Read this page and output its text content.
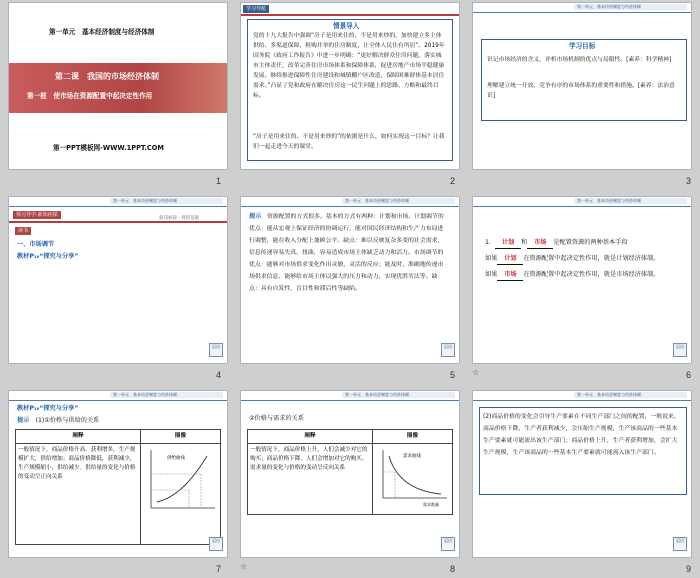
第一单元　基本经济制度与经济体制
第二课　我国的市场经济体制
第一框　使市场在资源配置中起决定性作用
第一PPT模板网-WWW.1PPT.COM
1
学习导航
情景导入
党的十九大报告中强调“房子是用来住的、不是用来炒的，加快建立多主体供给、多渠道保障、租购并举的住房制度，让全体人民住有所居”。2019年国务院《政府工作报告》中进一步明确：“更好解决群众住房问题。落实城市主体责任，改革完善住房市场体系和保障体系，促进房地产市场平稳健康发展。继续推进保障性住房建设和城镇棚户区改造，保障困难群体基本居住需求。”凸显了党和政府在解决住房这一民生问题上的思路、方略和最终目标。
“房子是用来住的、不是用来炒的”的依据是什么，如何实现这一目标？让我们一起走进今天的课堂。
2
第一单元　基本经济制度与经济体制
学习目标
识记市场经济的含义，评析市场机制的优点与局限性。[素养：科学精神]
理解建立统一开放、竞争有序的市场体系的重要性和措施。[素养：法治意识]
3
第一单元　基本经济制度与经济体制
预习导学·新知初探
新知初探 · 理清基础
读书
一、市场调节
教材P₁₆“探究与分享”
返回
4
第一单元　基本经济制度与经济体制
提示 资源配置的方式很多。基本的方式有两种：计划和市场。计划调节的优点：能从宏观上保证经济的协调运行，能对国民经济结构和生产力布局进行调整，能在收入分配上兼顾公平。缺点：难以反映复杂多变的社会需求，信息传递容易失真、扭曲，容易造成市场主体缺乏动力和活力。市场调节的优点：能够对市场供求变化作出灵敏、灵活的反应；能及时、准确地传递市场供求信息，能够给市场主体以强大的压力和动力，实现优胜劣汰等。缺点：具有自发性、盲目性和滞后性等缺陷。
返回
5
第一单元　基本经济制度与经济体制
1． 计划 和 市场 是配置资源的两种基本手段
如果 计划 在资源配置中起决定性作用，就是计划经济体制。
如果 市场 在资源配置中起决定性作用，就是市场经济体制。
返回
6
☆
第一单元　基本经济制度与经济体制
教材P₁₆“探究与分享”
提示　 (1)①价格与供给的关系
阐释	图像
一般情况下，商品价格升高，获利增多，生产规模扩大，供给增加；商品价格降低，获利减少，生产规模缩小，供给减少。供给量的变化与价格的变动呈正向关系	供给曲线
返回
7
第一单元　基本经济制度与经济体制
②价格与需求的关系
阐释	图像
一般情况下，商品价格上升，人们会减少对它的购买；商品价格下降，人们会增加对它的购买。需求量的变化与价格的变动呈反向关系	需求曲线
需求数量
返回
8
☆
第一单元　基本经济制度与经济体制
(2)商品价格的变化会引导生产要素在不同生产部门之间的配置，一般说来，商品价格下降，生产者获利减少，会压缩生产规模，生产该商品的一些基本生产要素就可能流出该生产部门；商品价格上升，生产者获利增加，会扩大生产规模，生产该商品的一些基本生产要素就可能流入该生产部门。
返回
9
